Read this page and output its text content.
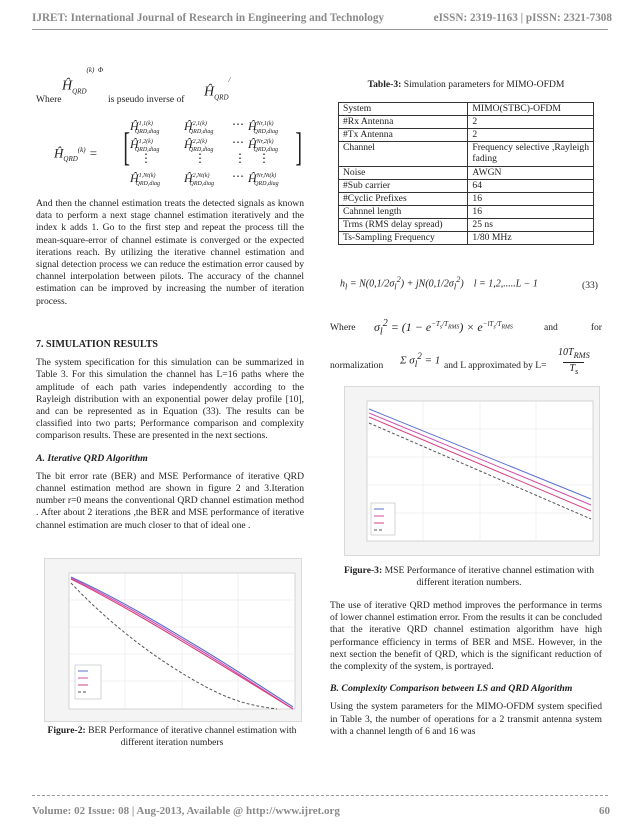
IJRET: International Journal of Research in Engineering and Technology	eISSN: 2319-1163 | pISSN: 2321-7308
Where
$Ĥ_{QRD}^{(k) \Phi}$
is pseudo inverse of $Ĥ_{QRD}^/$
$Ĥ_{QRD}^{(k)}$ = [ $Ĥ^{1,1(k)}_{QRD,diag}$ $Ĥ^{2,1(k)}_{QRD,diag}$
⋯ $Ĥ^{Nr,1(k)}_{QRD,diag}$
$Ĥ^{1,2(k)}_{QRD,diag}$ $Ĥ^{2,2(k)}_{QRD,diag}$
⋯ $Ĥ^{Nr,2(k)}_{QRD,diag}$
⋮	⋮ ⋮ ⋮
$Ĥ^{1,Nt(k)}_{QRD,diag}$ $Ĥ^{2,Nt(k)}_{QRD,diag}$
⋯ $Ĥ^{Nr,Nt(k)}_{QRD,diag}$
]

And then the channel estimation treats the detected signals as known data to perform a next stage channel estimation iteratively and the index k adds 1. Go to the first step and repeat the process till the mean-square-error of channel estimate is converged or the expected iterations reach. By utilizing the iterative channel estimation and signal detection process we can reduce the estimation error caused by channel interpolation between pilots. The accuracy of the channel estimation can be improved by increasing the number of iteration process.

7. SIMULATION RESULTS

The system specification for this simulation can be summarized in Table 3. For this simulation the channel has L=16 paths where the amplitude of each path varies independently according to the Rayleigh distribution with an exponential power delay profile [10], and can be represented as in Equation (33). The results can be classified into two parts; Performance comparison and complexity comparison results. These are presented in the next sections.

A. Iterative QRD Algorithm

The bit error rate (BER) and MSE Performance of iterative QRD channel estimation method are shown in figure 2 and 3.Iteration number r=0 means the conventional QRD channel estimation method . After about 2 iterations ,the BER and MSE performance of iterative channel estimation are much closer to that of ideal one .

Figure-2: BER Performance of iterative channel estimation with different iteration numbers
Table-3: Simulation parameters for MIMO-OFDM
System	MIMO(STBC)-OFDM
#Rx Antenna	2
#Tx Antenna	2
Channel	Frequency selective ,Rayleigh fading
Noise	AWGN
#Sub carrier	64
#Cyclic Prefixes	16
Cahnnel length	16
Trms (RMS delay spread)	25 ns
Ts-Sampling Frequency	1/80 MHz
$h_l = N(0,1/2\sigma_l^2) + jN(0,1/2\sigma_l^2)$    l = 1,2,.....L − 1	(33)
Where $\sigma_l^2 = (1 - e^{-T_s/T_{RMS}}) \times e^{-lT_s/T_{RMS}}$	and	for
normalization Σ $\sigma_l^2 = 1$ and L approximated by L=
$10T_{RMS}$
$T_s$
Figure-3: MSE Performance of iterative channel estimation with different iteration numbers.

The use of iterative QRD method improves the performance in terms of lower channel estimation error. From the results it can be concluded that the iterative QRD channel estimation algorithm have high performance efficiency in terms of BER and MSE. However, in the next section the benefit of QRD, which is the significant reduction of the complexity of the system, is portrayed.

B. Complexity Comparison between LS and QRD Algorithm

Using the system parameters for the MIMO-OFDM system specified in Table 3, the number of operations for a 2 transmit antenna system with a channel length of 6 and 16 was

Volume: 02 Issue: 08 | Aug-2013, Available @ http://www.ijret.org	60
